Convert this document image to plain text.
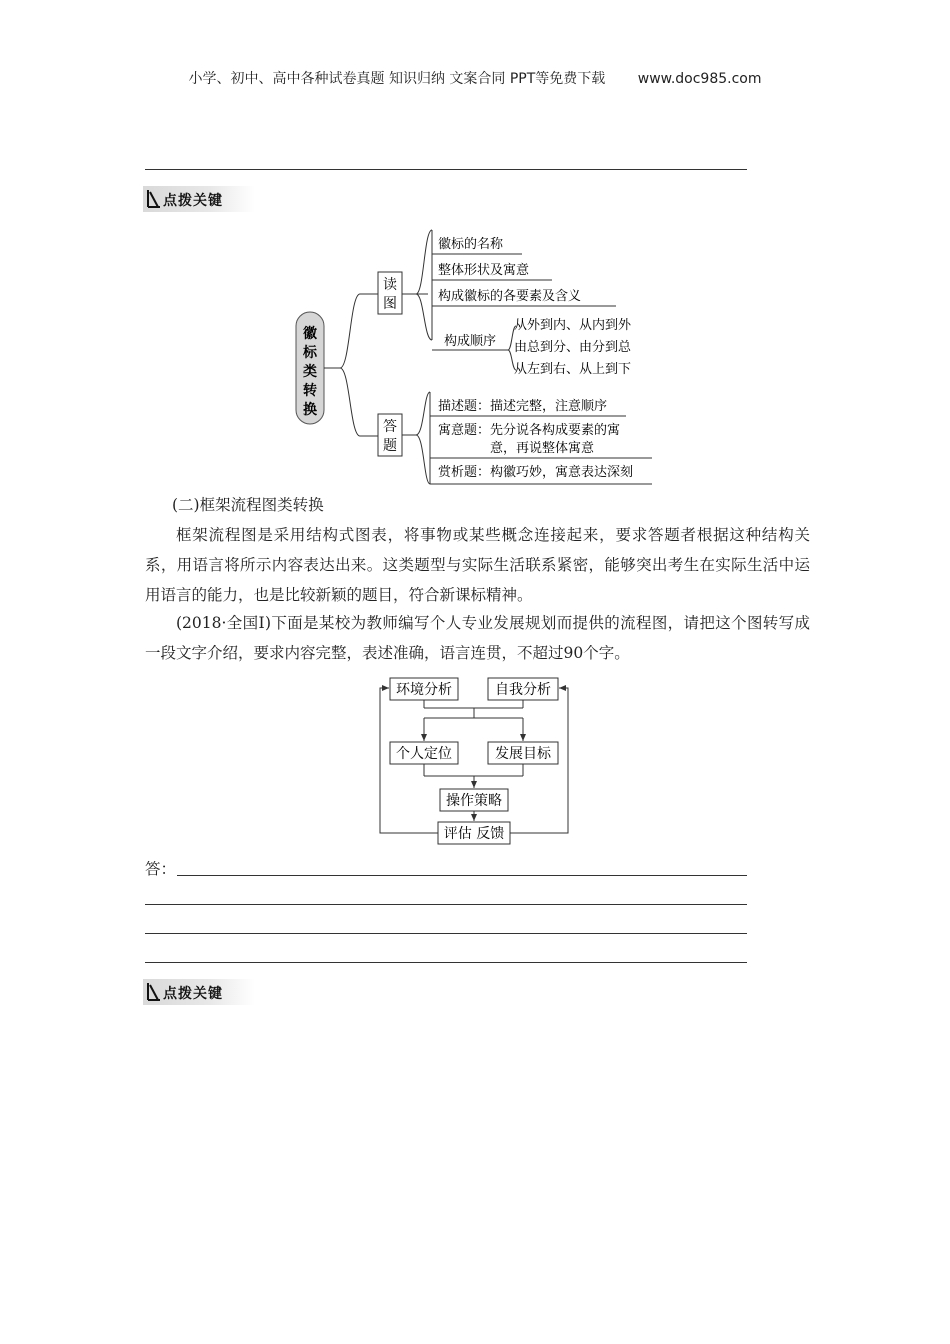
小学、初中、高中各种试卷真题 知识归纳 文案合同 PPT等免费下载 www.doc985.com
点拨关键
徽
标
类
转
换
读
图
徽标的名称
整体形状及寓意
构成徽标的各要素及含义
构成顺序
从外到内、从内到外
由总到分、由分到总
从左到右、从上到下
答
题
描述题：描述完整，注意顺序
寓意题：先分说各构成要素的寓
意，再说整体寓意
赏析题：构徽巧妙，寓意表达深刻
(二)框架流程图类转换
框架流程图是采用结构式图表，将事物或某些概念连接起来，要求答题者根据这种结构关系，用语言将所示内容表达出来。这类题型与实际生活联系紧密，能够突出考生在实际生活中运用语言的能力，也是比较新颖的题目，符合新课标精神。
(2018·全国Ⅰ)下面是某校为教师编写个人专业发展规划而提供的流程图，请把这个图转写成一段文字介绍，要求内容完整，表述准确，语言连贯，不超过90个字。
环境分析	自我分析
个人定位	发展目标
操作策略
评估 反馈
答：
点拨关键
